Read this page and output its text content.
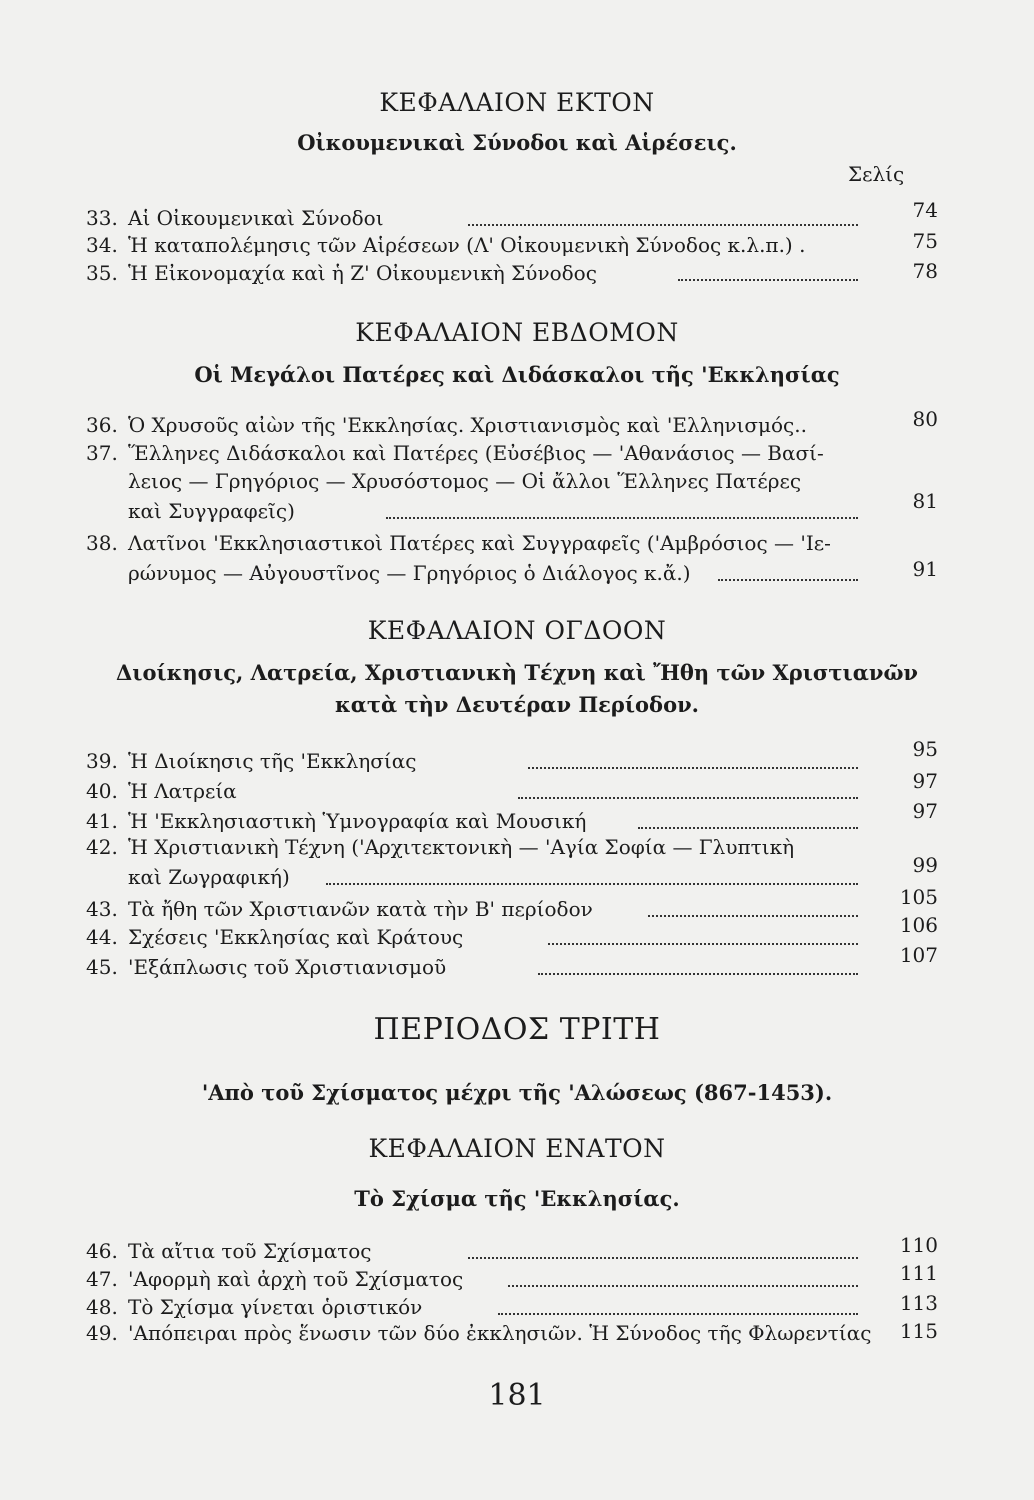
ΚΕΦΑΛΑΙΟΝ ΕΚΤΟΝ
Οἰκουμενικαὶ Σύνοδοι καὶ Αἱρέσεις.
Σελίς
33. Αἱ Οἰκουμενικαὶ Σύνοδοι	74
34. Ἡ καταπολέμησις τῶν Αἱρέσεων (Λ' Οἰκουμενικὴ Σύνοδος κ.λ.π.) .	75
35. Ἡ Εἰκονομαχία καὶ ἡ Ζ' Οἰκουμενικὴ Σύνοδος	78
ΚΕΦΑΛΑΙΟΝ ΕΒΔΟΜΟΝ
Οἱ Μεγάλοι Πατέρες καὶ Διδάσκαλοι τῆς 'Εκκλησίας
36. Ὁ Χρυσοῦς αἰὼν τῆς 'Εκκλησίας. Χριστιανισμὸς καὶ 'Ελληνισμός..	80
37. Ἕλληνες Διδάσκαλοι καὶ Πατέρες (Εὐσέβιος — 'Αθανάσιος — Βασί-
λειος — Γρηγόριος — Χρυσόστομος — Οἱ ἄλλοι Ἕλληνες Πατέρες
καὶ Συγγραφεῖς)	81
38. Λατῖνοι 'Εκκλησιαστικοὶ Πατέρες καὶ Συγγραφεῖς ('Αμβρόσιος — 'Ιε-
ρώνυμος — Αὐγουστῖνος — Γρηγόριος ὁ Διάλογος κ.ἄ.)	91
ΚΕΦΑΛΑΙΟΝ ΟΓΔΟΟΝ
Διοίκησις, Λατρεία, Χριστιανικὴ Τέχνη καὶ Ἤθη τῶν Χριστιανῶν
κατὰ τὴν Δευτέραν Περίοδον.
39. Ἡ Διοίκησις τῆς 'Εκκλησίας	95
40. Ἡ Λατρεία	97
41. Ἡ 'Εκκλησιαστικὴ Ὑμνογραφία καὶ Μουσική	97
42. Ἡ Χριστιανικὴ Τέχνη ('Αρχιτεκτονικὴ — 'Αγία Σοφία — Γλυπτικὴ
καὶ Ζωγραφική)	99
43. Τὰ ἤθη τῶν Χριστιανῶν κατὰ τὴν Β' περίοδον	105
44. Σχέσεις 'Εκκλησίας καὶ Κράτους	106
45. 'Εξάπλωσις τοῦ Χριστιανισμοῦ	107
ΠΕΡΙΟΔΟΣ ΤΡΙΤΗ
'Απὸ τοῦ Σχίσματος μέχρι τῆς 'Αλώσεως (867-1453).
ΚΕΦΑΛΑΙΟΝ ΕΝΑΤΟΝ
Τὸ Σχίσμα τῆς 'Εκκλησίας.
46. Τὰ αἴτια τοῦ Σχίσματος	110
47. 'Αφορμὴ καὶ ἀρχὴ τοῦ Σχίσματος	111
48. Τὸ Σχίσμα γίνεται ὁριστικόν	113
49. 'Απόπειραι πρὸς ἕνωσιν τῶν δύο ἐκκλησιῶν. Ἡ Σύνοδος τῆς Φλωρεντίας	115
181
